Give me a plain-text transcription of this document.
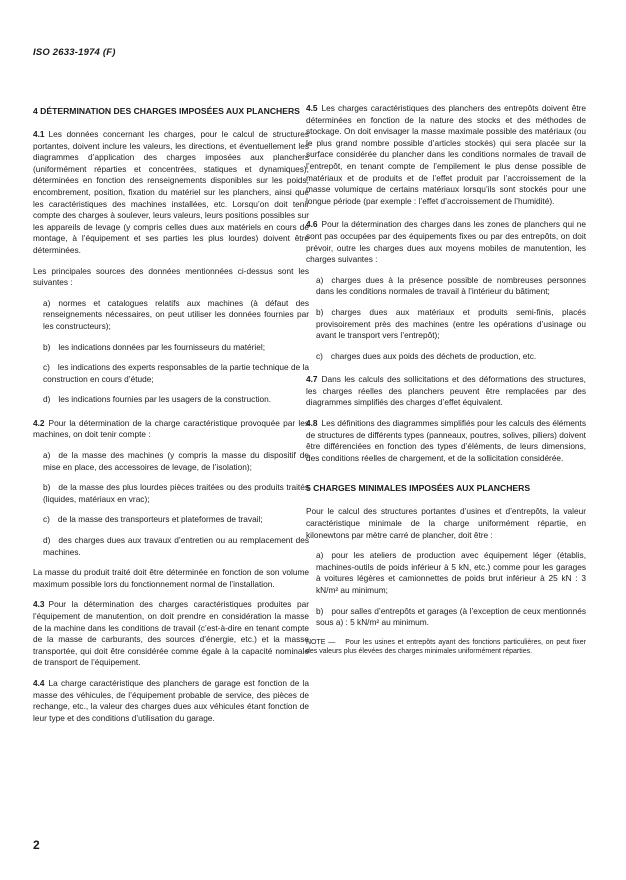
ISO 2633-1974 (F)
4 DÉTERMINATION DES CHARGES IMPOSÉES AUX PLANCHERS

4.1 Les données concernant les charges, pour le calcul de structures portantes, doivent inclure les valeurs, les directions, et éventuellement les diagrammes d’application des charges imposées aux planchers (uniformément réparties et concentrées, statiques et dynamiques), déterminées en fonction des renseignements disponibles sur les poids, encombrement, position, fixation du matériel sur les planchers, ainsi que les caractéristiques des machines installées, etc. Lorsqu’on doit tenir compte des charges à soulever, leurs valeurs, leurs positions possibles sur les appareils de levage (y compris celles dues aux matériels en cours de montage, à l’équipement et ses parties les plus lourdes) doivent être déterminées.

Les principales sources des données mentionnées ci-dessus sont les suivantes :

a) normes et catalogues relatifs aux machines (à défaut des renseignements nécessaires, on peut utiliser les données fournies par les constructeurs);
b) les indications données par les fournisseurs du matériel;
c) les indications des experts responsables de la partie technique de la construction en cours d’étude;
d) les indications fournies par les usagers de la construction.

4.2 Pour la détermination de la charge caractéristique provoquée par les machines, on doit tenir compte :

a) de la masse des machines (y compris la masse du dispositif de mise en place, des accessoires de levage, de l’isolation);
b) de la masse des plus lourdes pièces traitées ou des produits traités (liquides, matériaux en vrac);
c) de la masse des transporteurs et plateformes de travail;
d) des charges dues aux travaux d’entretien ou au remplacement des machines.

La masse du produit traité doit être déterminée en fonction de son volume maximum possible lors du fonctionnement normal de l’installation.

4.3 Pour la détermination des charges caractéristiques produites par l’équipement de manutention, on doit prendre en considération la masse de la machine dans les conditions de travail (c’est-à-dire en tenant compte de la masse de carburants, des sources d’énergie, etc.) et la masse transportée, qui doit être considérée comme égale à la capacité nominale de transport de l’équipement.

4.4 La charge caractéristique des planchers de garage est fonction de la masse des véhicules, de l’équipement probable de service, des pièces de rechange, etc., la valeur des charges dues aux véhicules étant fonction de leur type et des conditions d’utilisation du garage.

4.5 Les charges caractéristiques des planchers des entrepôts doivent être déterminées en fonction de la nature des stocks et des méthodes de stockage. On doit envisager la masse maximale possible des matériaux (ou le plus grand nombre possible d’articles stockés) qui sera placée sur la surface considérée du plancher dans les conditions normales de travail de l’entrepôt, en tenant compte de l’empilement le plus dense possible de matériaux et de produits et de l’effet produit par l’accroissement de la masse volumique de certains matériaux lorsqu’ils sont stockés pour une longue période (par exemple : l’effet d’accroissement de l’humidité).

4.6 Pour la détermination des charges dans les zones de planchers qui ne sont pas occupées par des équipements fixes ou par des entrepôts, on doit prévoir, outre les charges dues aux moyens mobiles de manutention, les charges suivantes :

a) charges dues à la présence possible de nombreuses personnes dans les conditions normales de travail à l’intérieur du bâtiment;
b) charges dues aux matériaux et produits semi-finis, placés provisoirement près des machines (entre les opérations d’usinage ou avant le transport vers l’entrepôt);
c) charges dues aux poids des déchets de production, etc.

4.7 Dans les calculs des sollicitations et des déformations des structures, les charges réelles des planchers peuvent être remplacées par des diagrammes simplifiés des charges d’effet équivalent.

4.8 Les définitions des diagrammes simplifiés pour les calculs des éléments de structures de différents types (panneaux, poutres, solives, piliers) doivent être différenciées en fonction des types d’éléments, de leurs dimensions, des conditions réelles de chargement, et de la sollicitation considérée.

5 CHARGES MINIMALES IMPOSÉES AUX PLANCHERS

Pour le calcul des structures portantes d’usines et d’entrepôts, la valeur caractéristique minimale de la charge uniformément répartie, en kilonewtons par mètre carré de plancher, doit être :

a) pour les ateliers de production avec équipement léger (établis, machines-outils de poids inférieur à 5 kN, etc.) comme pour les garages à voitures légères et camionnettes de poids brut inférieur à 25 kN : 3 kN/m² au minimum;
b) pour salles d’entrepôts et garages (à l’exception de ceux mentionnés sous a) : 5 kN/m² au minimum.
NOTE — Pour les usines et entrepôts ayant des fonctions particulières, on peut fixer des valeurs plus élevées des charges minimales uniformément réparties.
2
